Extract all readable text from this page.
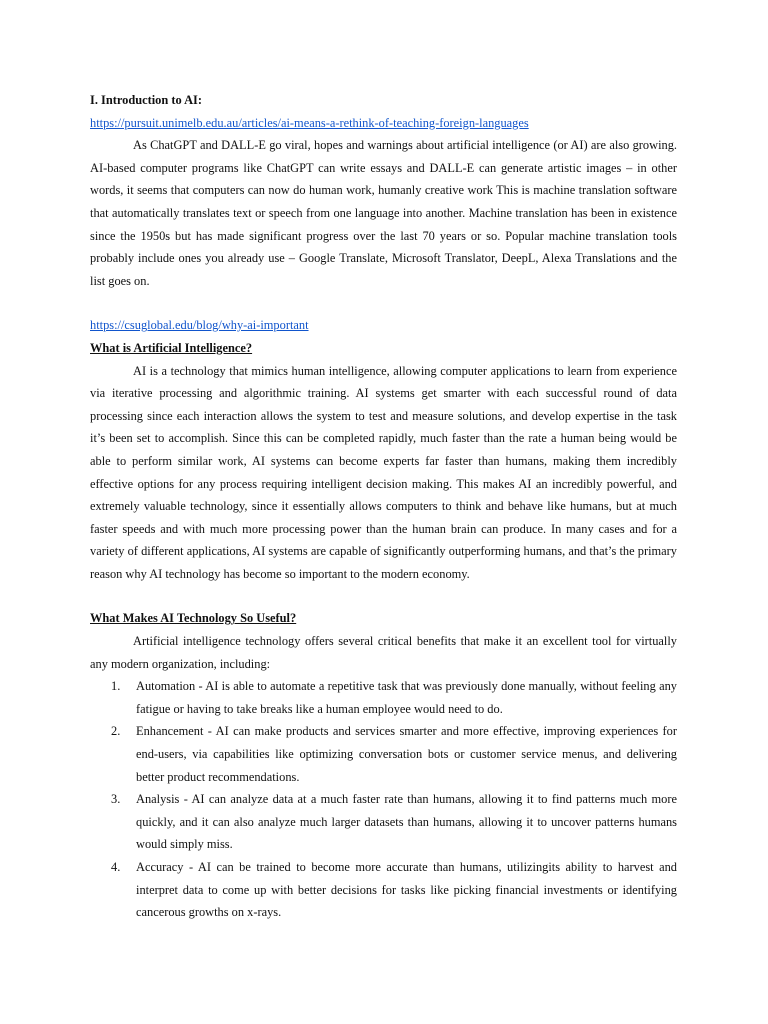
I. Introduction to AI:

https://pursuit.unimelb.edu.au/articles/ai-means-a-rethink-of-teaching-foreign-languages

As ChatGPT and DALL-E go viral, hopes and warnings about artificial intelligence (or AI) are also growing. AI-based computer programs like ChatGPT can write essays and DALL-E can generate artistic images – in other words, it seems that computers can now do human work, humanly creative work This is machine translation software that automatically translates text or speech from one language into another. Machine translation has been in existence since the 1950s but has made significant progress over the last 70 years or so. Popular machine translation tools probably include ones you already use – Google Translate, Microsoft Translator, DeepL, Alexa Translations and the list goes on.

https://csuglobal.edu/blog/why-ai-important

What is Artificial Intelligence?

AI is a technology that mimics human intelligence, allowing computer applications to learn from experience via iterative processing and algorithmic training. AI systems get smarter with each successful round of data processing since each interaction allows the system to test and measure solutions, and develop expertise in the task it’s been set to accomplish. Since this can be completed rapidly, much faster than the rate a human being would be able to perform similar work, AI systems can become experts far faster than humans, making them incredibly effective options for any process requiring intelligent decision making. This makes AI an incredibly powerful, and extremely valuable technology, since it essentially allows computers to think and behave like humans, but at much faster speeds and with much more processing power than the human brain can produce. In many cases and for a variety of different applications, AI systems are capable of significantly outperforming humans, and that’s the primary reason why AI technology has become so important to the modern economy.

What Makes AI Technology So Useful?

Artificial intelligence technology offers several critical benefits that make it an excellent tool for virtually any modern organization, including:

1. Automation - AI is able to automate a repetitive task that was previously done manually, without feeling any fatigue or having to take breaks like a human employee would need to do.
2. Enhancement - AI can make products and services smarter and more effective, improving experiences for end-users, via capabilities like optimizing conversation bots or customer service menus, and delivering better product recommendations.
3. Analysis - AI can analyze data at a much faster rate than humans, allowing it to find patterns much more quickly, and it can also analyze much larger datasets than humans, allowing it to uncover patterns humans would simply miss.
4. Accuracy - AI can be trained to become more accurate than humans, utilizingits ability to harvest and interpret data to come up with better decisions for tasks like picking financial investments or identifying cancerous growths on x-rays.
